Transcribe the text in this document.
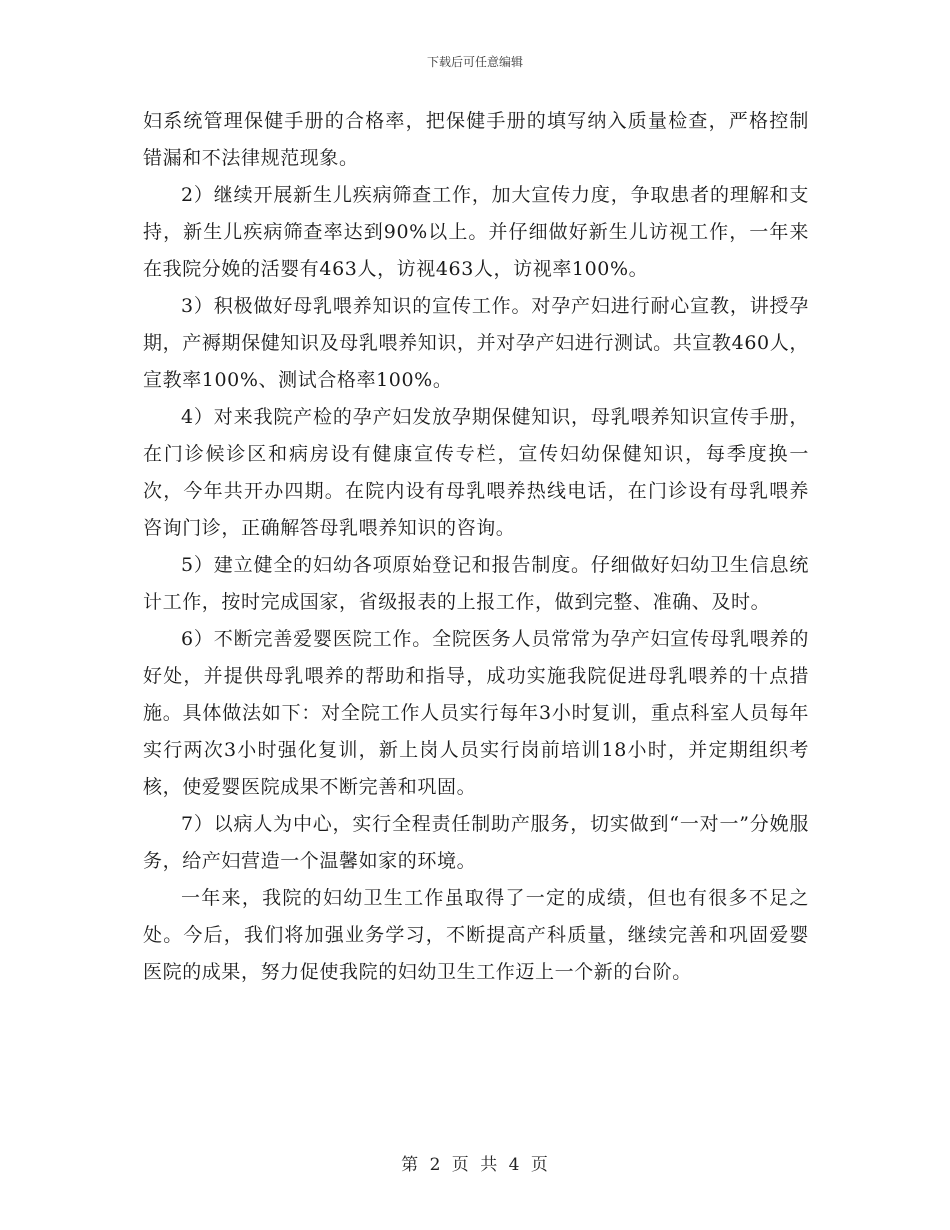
下载后可任意编辑

妇系统管理保健手册的合格率，把保健手册的填写纳入质量检查，严格控制错漏和不法律规范现象。

2）继续开展新生儿疾病筛查工作，加大宣传力度，争取患者的理解和支持，新生儿疾病筛查率达到90%以上。并仔细做好新生儿访视工作，一年来在我院分娩的活婴有463人，访视463人，访视率100%。

3）积极做好母乳喂养知识的宣传工作。对孕产妇进行耐心宣教，讲授孕期，产褥期保健知识及母乳喂养知识，并对孕产妇进行测试。共宣教460人，宣教率100%、测试合格率100%。

4）对来我院产检的孕产妇发放孕期保健知识，母乳喂养知识宣传手册，在门诊候诊区和病房设有健康宣传专栏，宣传妇幼保健知识，每季度换一次，今年共开办四期。在院内设有母乳喂养热线电话，在门诊设有母乳喂养咨询门诊，正确解答母乳喂养知识的咨询。

5）建立健全的妇幼各项原始登记和报告制度。仔细做好妇幼卫生信息统计工作，按时完成国家，省级报表的上报工作，做到完整、准确、及时。

6）不断完善爱婴医院工作。全院医务人员常常为孕产妇宣传母乳喂养的好处，并提供母乳喂养的帮助和指导，成功实施我院促进母乳喂养的十点措施。具体做法如下：对全院工作人员实行每年3小时复训，重点科室人员每年实行两次3小时强化复训，新上岗人员实行岗前培训18小时，并定期组织考核，使爱婴医院成果不断完善和巩固。

7）以病人为中心，实行全程责任制助产服务，切实做到“一对一”分娩服务，给产妇营造一个温馨如家的环境。

一年来，我院的妇幼卫生工作虽取得了一定的成绩，但也有很多不足之处。今后，我们将加强业务学习，不断提高产科质量，继续完善和巩固爱婴医院的成果，努力促使我院的妇幼卫生工作迈上一个新的台阶。

第 2 页 共 4 页
